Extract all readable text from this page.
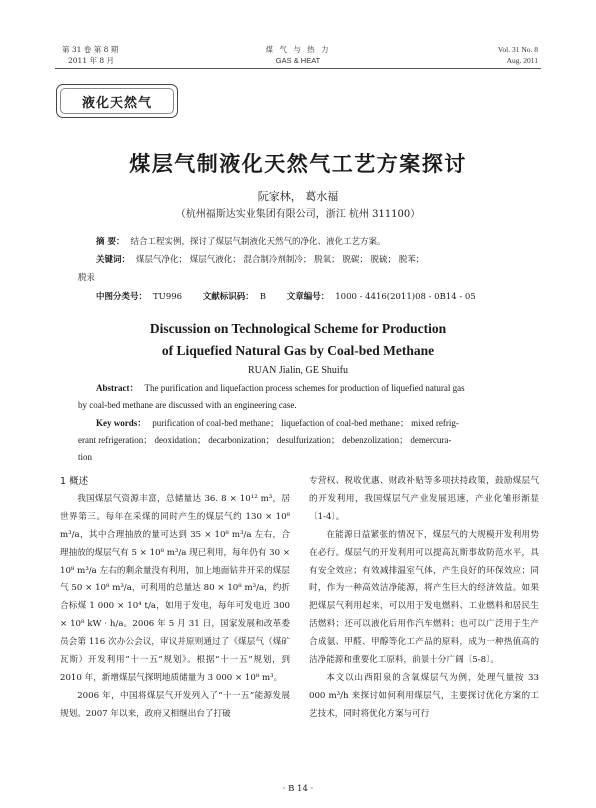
第 31 卷 第 8 期
2011 年 8 月
煤 气 与 热 力
GAS & HEAT
Vol. 31 No. 8
Aug. 2011
液化天然气
煤层气制液化天然气工艺方案探讨
阮家林， 葛水福
（杭州福斯达实业集团有限公司，浙江 杭州 311100）
摘 要： 结合工程实例，探讨了煤层气制液化天然气的净化、液化工艺方案。
关键词： 煤层气净化； 煤层气液化； 混合制冷剂制冷； 脱氧； 脱碳； 脱硫； 脱苯；
脱汞
中图分类号： TU996 文献标识码： B 文章编号： 1000 - 4416(2011)08 - 0B14 - 05
Discussion on Technological Scheme for Production
of Liquefied Natural Gas by Coal-bed Methane
RUAN Jialin, GE Shuifu
Abstract： The purification and liquefaction process schemes for production of liquefied natural gas
by coal-bed methane are discussed with an engineering case.
Key words： purification of coal-bed methane； liquefaction of coal-bed methane； mixed refrig-
erant refrigeration； deoxidation； decarbonization； desulfurization； debenzolization； demercura-
tion

1 概述

我国煤层气资源丰富，总储量达 36. 8 × 10¹² m³，居世界第三。每年在采煤的同时产生的煤层气约 130 × 10⁸ m³/a，其中合理抽放的量可达到 35 × 10⁸ m³/a 左右，合理抽放的煤层气有 5 × 10⁸ m³/a 现已利用，每年仍有 30 × 10⁸ m³/a 左右的剩余量没有利用，加上地面钻井开采的煤层气 50 × 10⁸ m³/a，可利用的总量达 80 × 10⁸ m³/a，约折合标煤 1 000 × 10⁴ t/a，如用于发电，每年可发电近 300 × 10⁸ kW · h/a。2006 年 5 月 31 日，国家发展和改革委员会第 116 次办公会议，审议并原则通过了《煤层气（煤矿瓦斯）开发利用“十一五”规划》。根据“十一五”规划，到 2010 年，新增煤层气探明地质储量为 3 000 × 10⁸ m³。

2006 年，中国将煤层气开发列入了“十一五”能源发展规划。2007 年以来，政府又相继出台了打破

专营权、税收优惠、财政补贴等多项扶持政策，鼓励煤层气的开发利用，我国煤层气产业发展迅速，产业化雏形渐显〔1-4〕。

在能源日益紧张的情况下，煤层气的大规模开发利用势在必行。煤层气的开发利用可以提高瓦斯事故防范水平，具有安全效应；有效减排温室气体，产生良好的环保效应；同时，作为一种高效洁净能源，将产生巨大的经济效益。如果把煤层气利用起来，可以用于发电燃料、工业燃料和居民生活燃料；还可以液化后用作汽车燃料；也可以广泛用于生产合成氨、甲醛、甲醇等化工产品的原料，成为一种热值高的洁净能源和重要化工原料，前景十分广阔〔5-8〕。

本文以山西阳泉的含氧煤层气为例，处理气量按 33 000 m³/h 来探讨如何利用煤层气，主要探讨优化方案的工艺技术，同时将优化方案与可行

· B 14 ·
